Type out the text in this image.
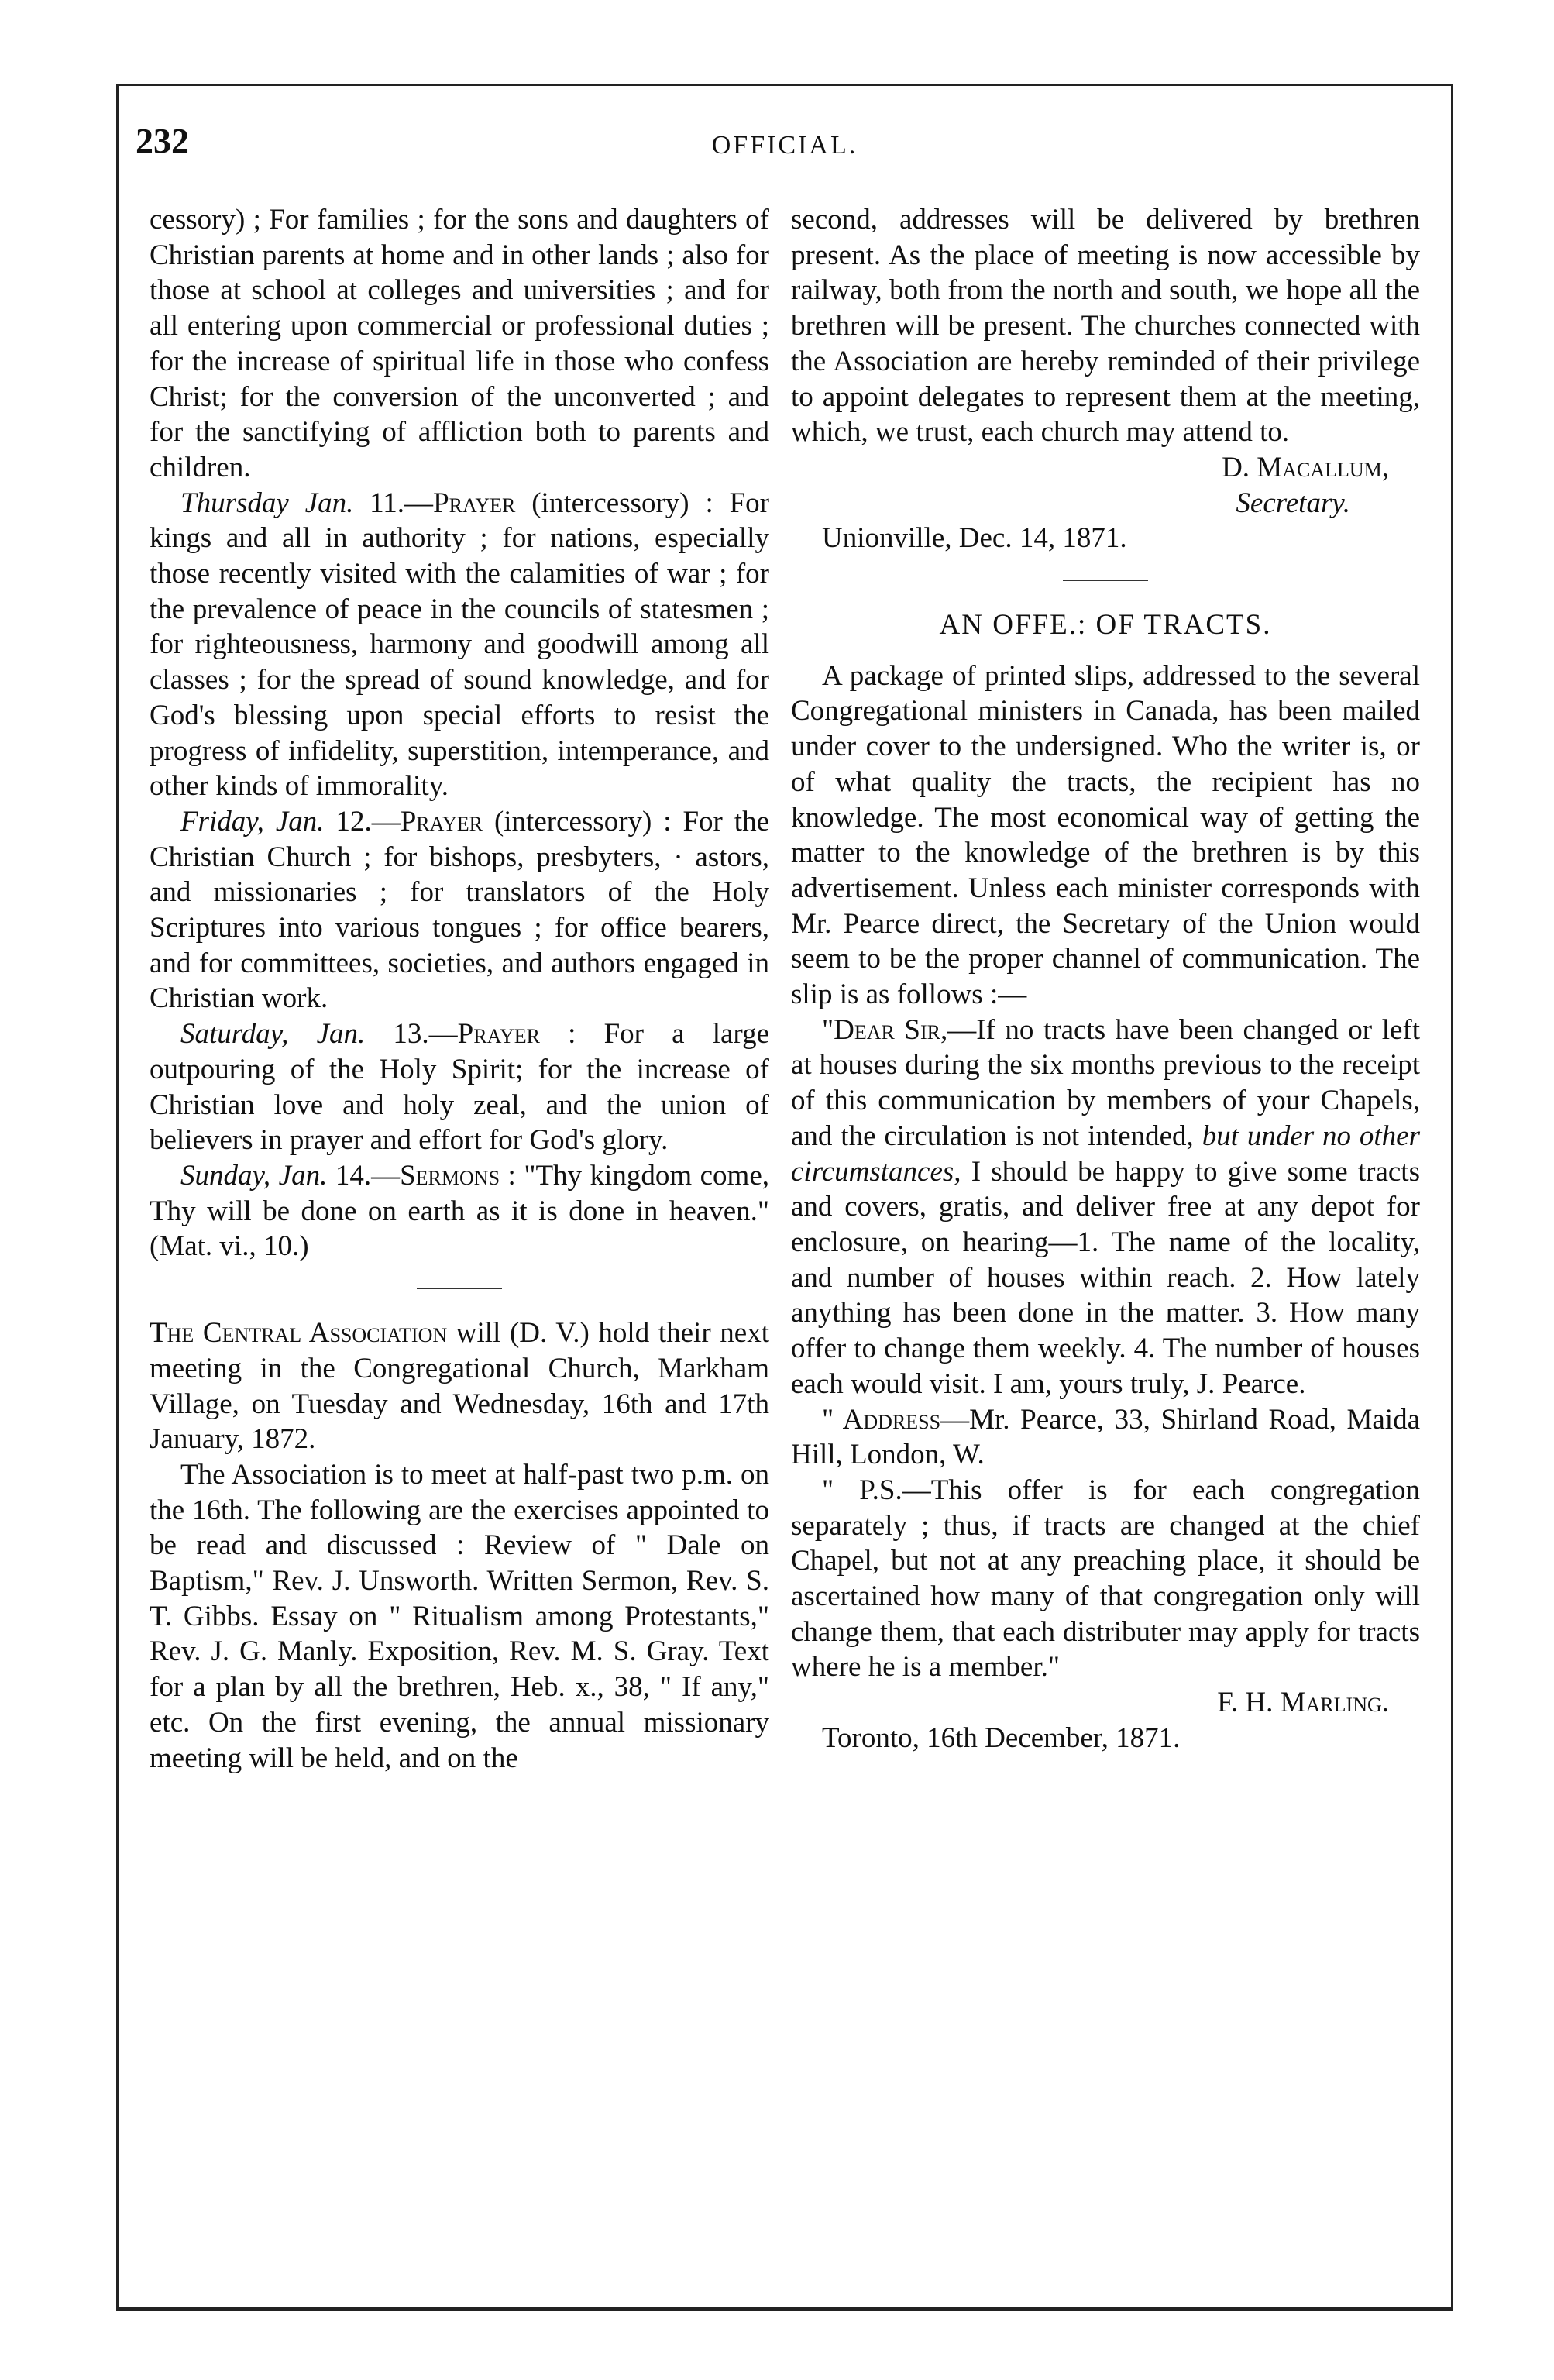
232	OFFICIAL.

cessory) ; For families ; for the sons and daughters of Christian parents at home and in other lands ; also for those at school at colleges and universities ; and for all entering upon commercial or professional duties ; for the increase of spiritual life in those who confess Christ; for the conversion of the unconverted ; and for the sanctifying of affliction both to parents and children.

Thursday Jan. 11.—Prayer (intercessory) : For kings and all in authority ; for nations, especially those recently visited with the calamities of war ; for the prevalence of peace in the councils of statesmen ; for righteousness, harmony and goodwill among all classes ; for the spread of sound knowledge, and for God's blessing upon special efforts to resist the progress of infidelity, superstition, intemperance, and other kinds of immorality.

Friday, Jan. 12.—Prayer (intercessory) : For the Christian Church ; for bishops, presbyters, · astors, and missionaries ; for translators of the Holy Scriptures into various tongues ; for office bearers, and for committees, societies, and authors engaged in Christian work.

Saturday, Jan. 13.—Prayer : For a large outpouring of the Holy Spirit; for the increase of Christian love and holy zeal, and the union of believers in prayer and effort for God's glory.

Sunday, Jan. 14.—Sermons : "Thy kingdom come, Thy will be done on earth as it is done in heaven." (Mat. vi., 10.)

The Central Association will (D. V.) hold their next meeting in the Congregational Church, Markham Village, on Tuesday and Wednesday, 16th and 17th January, 1872.

The Association is to meet at half-past two p.m. on the 16th. The following are the exercises appointed to be read and discussed : Review of " Dale on Baptism," Rev. J. Unsworth. Written Sermon, Rev. S. T. Gibbs. Essay on " Ritualism among Protestants," Rev. J. G. Manly. Exposition, Rev. M. S. Gray. Text for a plan by all the brethren, Heb. x., 38, " If any," etc. On the first evening, the annual missionary meeting will be held, and on the

second, addresses will be delivered by brethren present. As the place of meeting is now accessible by railway, both from the north and south, we hope all the brethren will be present. The churches connected with the Association are hereby reminded of their privilege to appoint delegates to represent them at the meeting, which, we trust, each church may attend to.

D. Macallum,
Secretary.
Unionville, Dec. 14, 1871.
AN OFFE.: OF TRACTS.

A package of printed slips, addressed to the several Congregational ministers in Canada, has been mailed under cover to the undersigned. Who the writer is, or of what quality the tracts, the recipient has no knowledge. The most economical way of getting the matter to the knowledge of the brethren is by this advertisement. Unless each minister corresponds with Mr. Pearce direct, the Secretary of the Union would seem to be the proper channel of communication. The slip is as follows :—

"Dear Sir,—If no tracts have been changed or left at houses during the six months previous to the receipt of this communication by members of your Chapels, and the circulation is not intended, but under no other circumstances, I should be happy to give some tracts and covers, gratis, and deliver free at any depot for enclosure, on hearing—1. The name of the locality, and number of houses within reach. 2. How lately anything has been done in the matter. 3. How many offer to change them weekly. 4. The number of houses each would visit. I am, yours truly, J. Pearce.

" Address—Mr. Pearce, 33, Shirland Road, Maida Hill, London, W.

" P.S.—This offer is for each congregation separately ; thus, if tracts are changed at the chief Chapel, but not at any preaching place, it should be ascertained how many of that congregation only will change them, that each distributer may apply for tracts where he is a member."

F. H. Marling.
Toronto, 16th December, 1871.
